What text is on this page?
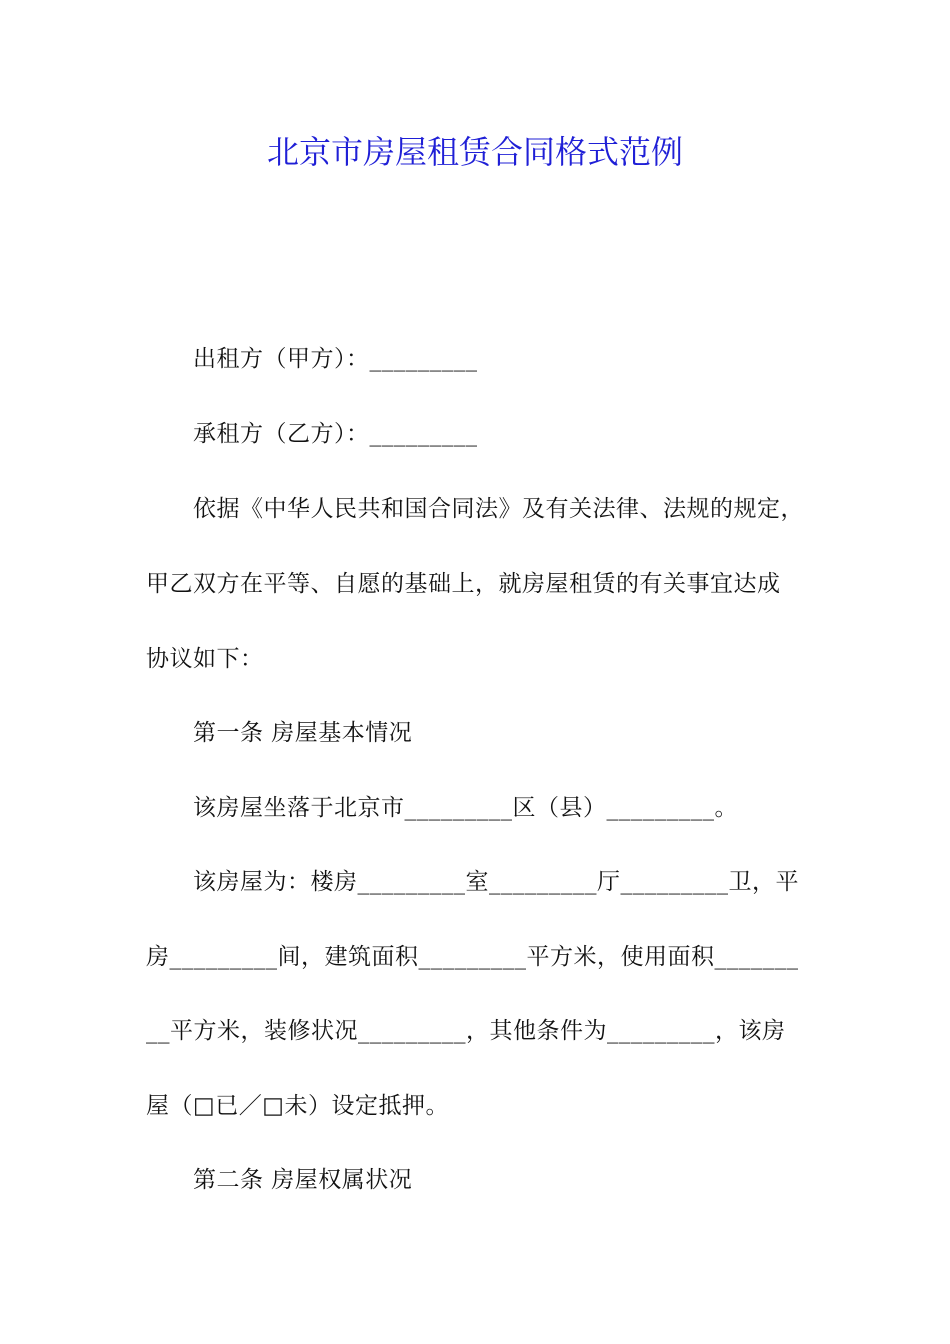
北京市房屋租赁合同格式范例
出租方（甲方）：_________
承租方（乙方）：_________
依据《中华人民共和国合同法》及有关法律、法规的规定，
甲乙双方在平等、自愿的基础上，就房屋租赁的有关事宜达成
协议如下：
第一条 房屋基本情况
该房屋坐落于北京市_________区（县）_________。
该房屋为：楼房_________室_________厅_________卫，平
房_________间，建筑面积_________平方米，使用面积_______
__平方米，装修状况_________，其他条件为_________，该房
屋（□已／□未）设定抵押。
第二条 房屋权属状况
